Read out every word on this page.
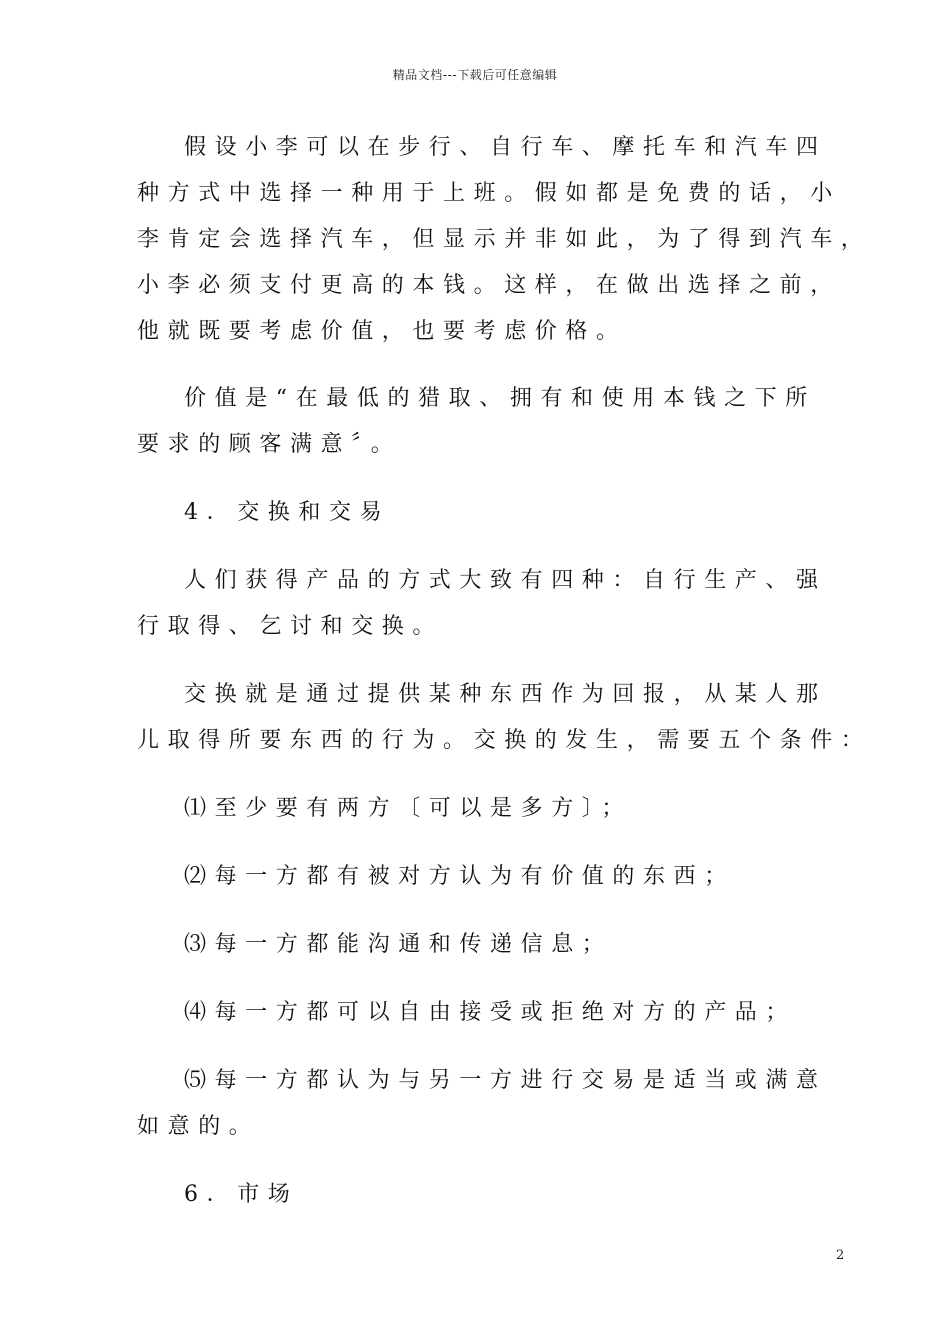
精品文档---下载后可任意编辑
假设小李可以在步行、自行车、摩托车和汽车四
种方式中选择一种用于上班。假如都是免费的话，小
李肯定会选择汽车，但显示并非如此，为了得到汽车，
小李必须支付更高的本钱。这样，在做出选择之前，
他就既要考虑价值，也要考虑价格。
价值是“在最低的猎取、拥有和使用本钱之下所
要求的顾客满意〞。
4．交换和交易
人们获得产品的方式大致有四种：自行生产、强
行取得、乞讨和交换。
交换就是通过提供某种东西作为回报，从某人那
儿取得所要东西的行为。交换的发生，需要五个条件：
⑴至少要有两方〔可以是多方〕；
⑵每一方都有被对方认为有价值的东西；
⑶每一方都能沟通和传递信息；
⑷每一方都可以自由接受或拒绝对方的产品；
⑸每一方都认为与另一方进行交易是适当或满意
如意的。
6．市场
2
